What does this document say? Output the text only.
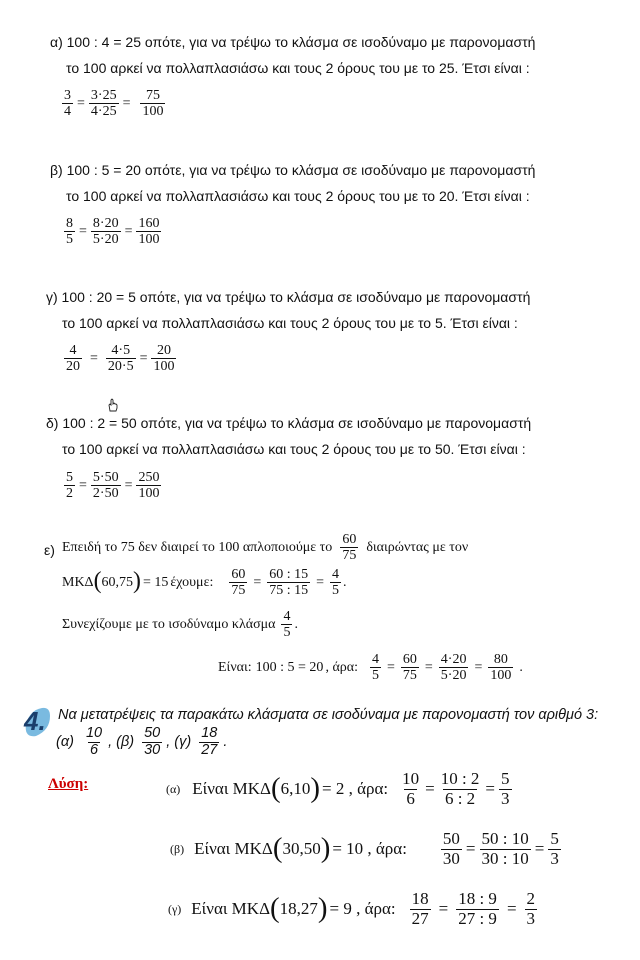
α) 100 : 4 = 25 οπότε, για να τρέψω το κλάσμα σε ισοδύναμο με παρονομαστή
το 100 αρκεί να πολλαπλασιάσω και τους 2 όρους του με το 25. Έτσι είναι :
$\frac{3}{4} = \frac{3\cdot 25}{4\cdot 25} = \frac{75}{100}$
β) 100 : 5 = 20 οπότε, για να τρέψω το κλάσμα σε ισοδύναμο με παρονομαστή
το 100 αρκεί να πολλαπλασιάσω και τους 2 όρους του με το 20. Έτσι είναι :
$\frac{8}{5} = \frac{8\cdot 20}{5\cdot 20} = \frac{160}{100}$
γ) 100 : 20 = 5 οπότε, για να τρέψω το κλάσμα σε ισοδύναμο με παρονομαστή
το 100 αρκεί να πολλαπλασιάσω και τους 2 όρους του με το 5. Έτσι είναι :
$\frac{4}{20} = \frac{4\cdot 5}{20\cdot 5} = \frac{20}{100}$
δ) 100 : 2 = 50 οπότε, για να τρέψω το κλάσμα σε ισοδύναμο με παρονομαστή
το 100 αρκεί να πολλαπλασιάσω και τους 2 όρους του με το 50. Έτσι είναι :
$\frac{5}{2} = \frac{5\cdot 50}{2\cdot 50} = \frac{250}{100}$
ε) Επειδή το 75 δεν διαιρεί το 100 απλοποιούμε το $\frac{60}{75}$ διαιρώντας με τον
ΜΚΔ ( 60,75 ) = 15 έχουμε: $\frac{60}{75} = \frac{60 : 15}{75 : 15} = \frac{4}{5}$ .
Συνεχίζουμε με το ισοδύναμο κλάσμα $\frac{4}{5}$ .
Είναι: 100 : 5 = 20 , άρα: $\frac{4}{5} = \frac{60}{75} = \frac{4\cdot 20}{5\cdot 20} = \frac{80}{100}$ .
4. Να μετατρέψεις τα παρακάτω κλάσματα σε ισοδύναμα με παρονομαστή τον αριθμό 3:
$(\alpha) \frac{10}{6}$ , $(\beta) \frac{50}{30}$ , $(\gamma) \frac{18}{27}$ .
Λύση:	(α) Είναι ΜΚΔ ( 6,10 ) = 2 , άρα: $\frac{10}{6} = \frac{10 : 2}{6 : 2} = \frac{5}{3}$
(β) Είναι ΜΚΔ ( 30,50 ) = 10 , άρα: $\frac{50}{30} = \frac{50 : 10}{30 : 10} = \frac{5}{3}$
(γ) Είναι ΜΚΔ ( 18,27 ) = 9 , άρα: $\frac{18}{27} = \frac{18 : 9}{27 : 9} = \frac{2}{3}$
